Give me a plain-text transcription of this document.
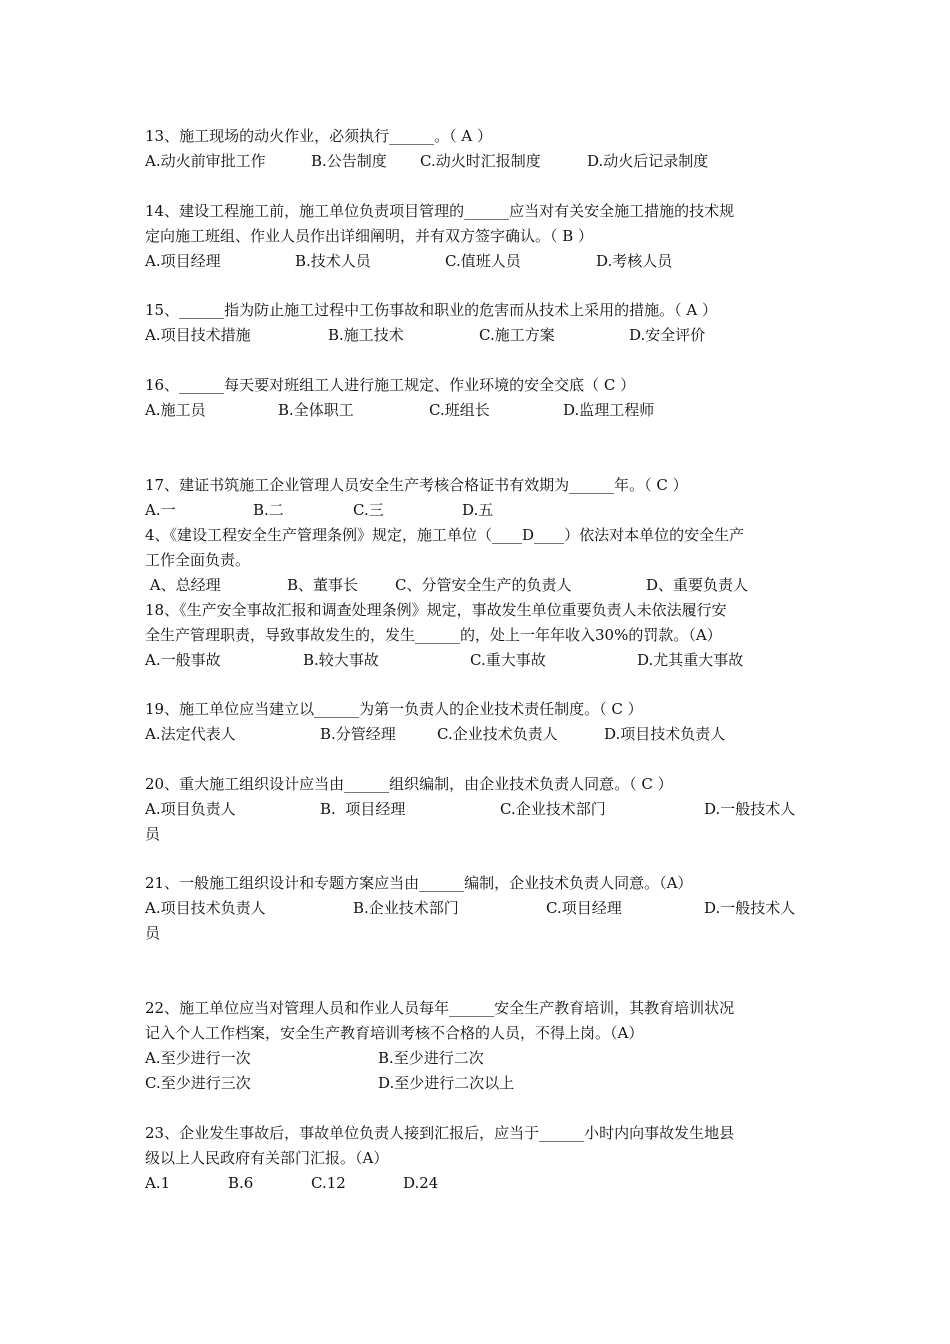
13、施工现场的动火作业，必须执行______。（ A ）
A.动火前审批工作	B.公告制度 C.动火时汇报制度	D.动火后记录制度
14、建设工程施工前，施工单位负责项目管理的______应当对有关安全施工措施的技术规
定向施工班组、作业人员作出详细阐明，并有双方签字确认。（ B ）
A.项目经理	B.技术人员	C.值班人员	D.考核人员
15、______指为防止施工过程中工伤事故和职业的危害而从技术上采用的措施。（ A ）
A.项目技术措施	B.施工技术	C.施工方案	D.安全评价
16、______每天要对班组工人进行施工规定、作业环境的安全交底（ C ）
A.施工员	B.全体职工	C.班组长	D.监理工程师
17、建证书筑施工企业管理人员安全生产考核合格证书有效期为______年。（ C ）
A.一	B.二	C.三	D.五
4、《建设工程安全生产管理条例》规定，施工单位（____D____）依法对本单位的安全生产
工作全面负责。
A、总经理	B、董事长 C、分管安全生产的负责人	D、重要负责人
18、《生产安全事故汇报和调查处理条例》规定，事故发生单位重要负责人未依法履行安
全生产管理职责，导致事故发生的，发生______的，处上一年年收入30%的罚款。（A）
A.一般事故	B.较大事故	C.重大事故	D.尤其重大事故
19、施工单位应当建立以______为第一负责人的企业技术责任制度。（ C ）
A.法定代表人	B.分管经理	C.企业技术负责人	D.项目技术负责人
20、重大施工组织设计应当由______组织编制，由企业技术负责人同意。（ C ）
A.项目负责人	B.  项目经理	C.企业技术部门	D.一般技术人
员
21、一般施工组织设计和专题方案应当由______编制，企业技术负责人同意。（A）
A.项目技术负责人	B.企业技术部门	C.项目经理	D.一般技术人
员
22、施工单位应当对管理人员和作业人员每年______安全生产教育培训，其教育培训状况
记入个人工作档案，安全生产教育培训考核不合格的人员，不得上岗。（A）
A.至少进行一次	B.至少进行二次
C.至少进行三次	D.至少进行二次以上
23、企业发生事故后，事故单位负责人接到汇报后，应当于______小时内向事故发生地县
级以上人民政府有关部门汇报。（A）
A.1	B.6	C.12	D.24
